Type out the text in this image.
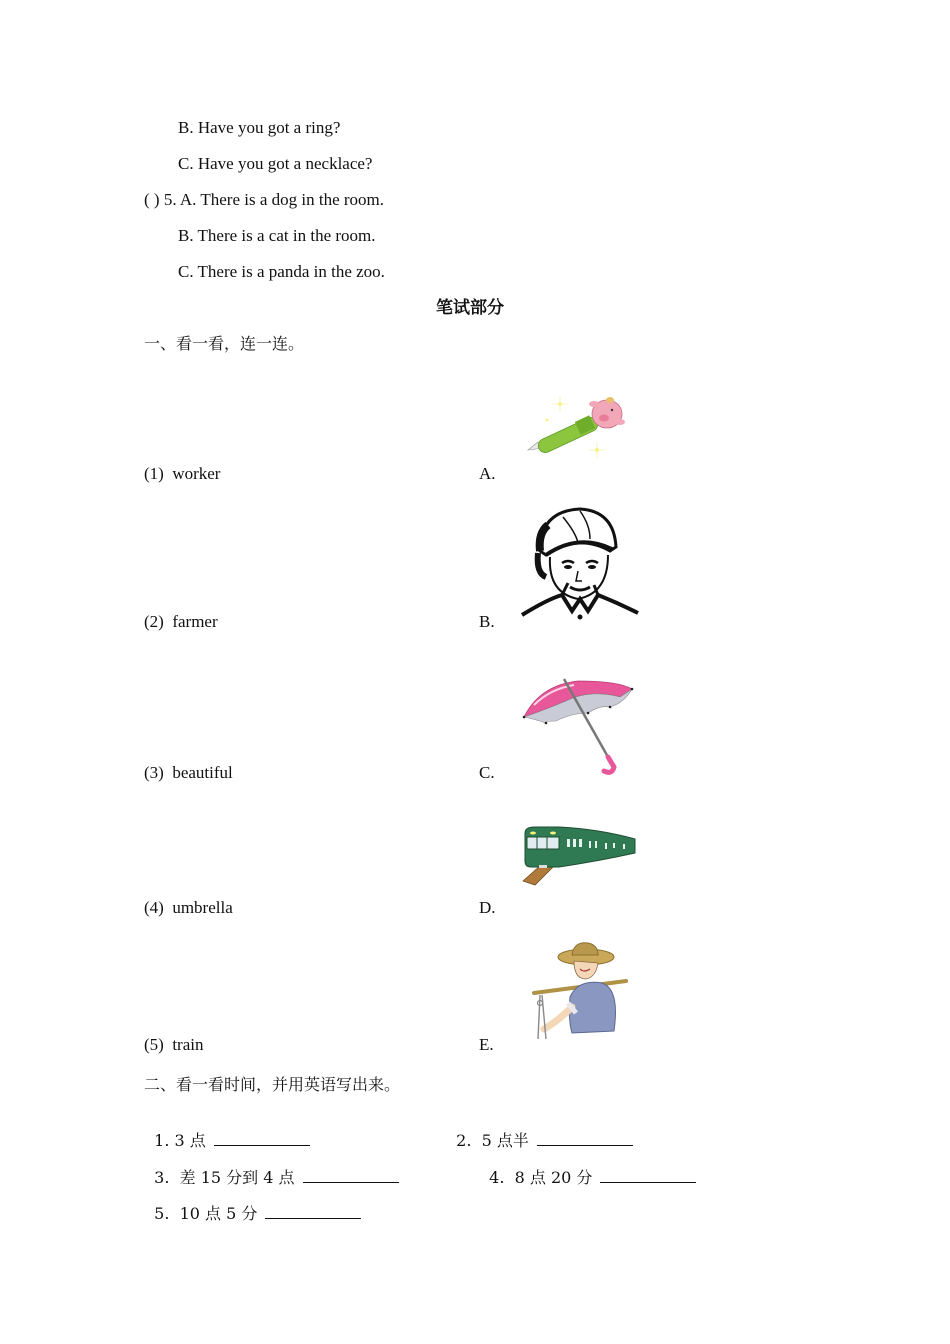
B. Have you got a ring?
C. Have you got a necklace?
( ) 5. A. There is a dog in the room.
B. There is a cat in the room.
C. There is a panda in the zoo.
笔试部分
一、看一看，连一连。
(1)  worker
(2)  farmer
(3)  beautiful
(4)  umbrella
(5)  train
A.
B.
C.
D.
E.
二、看一看时间，并用英语写出来。

1. 3 点	2.  5 点半

3.  差 15 分到 4 点	4.  8 点 20 分

5.  10 点 5 分
